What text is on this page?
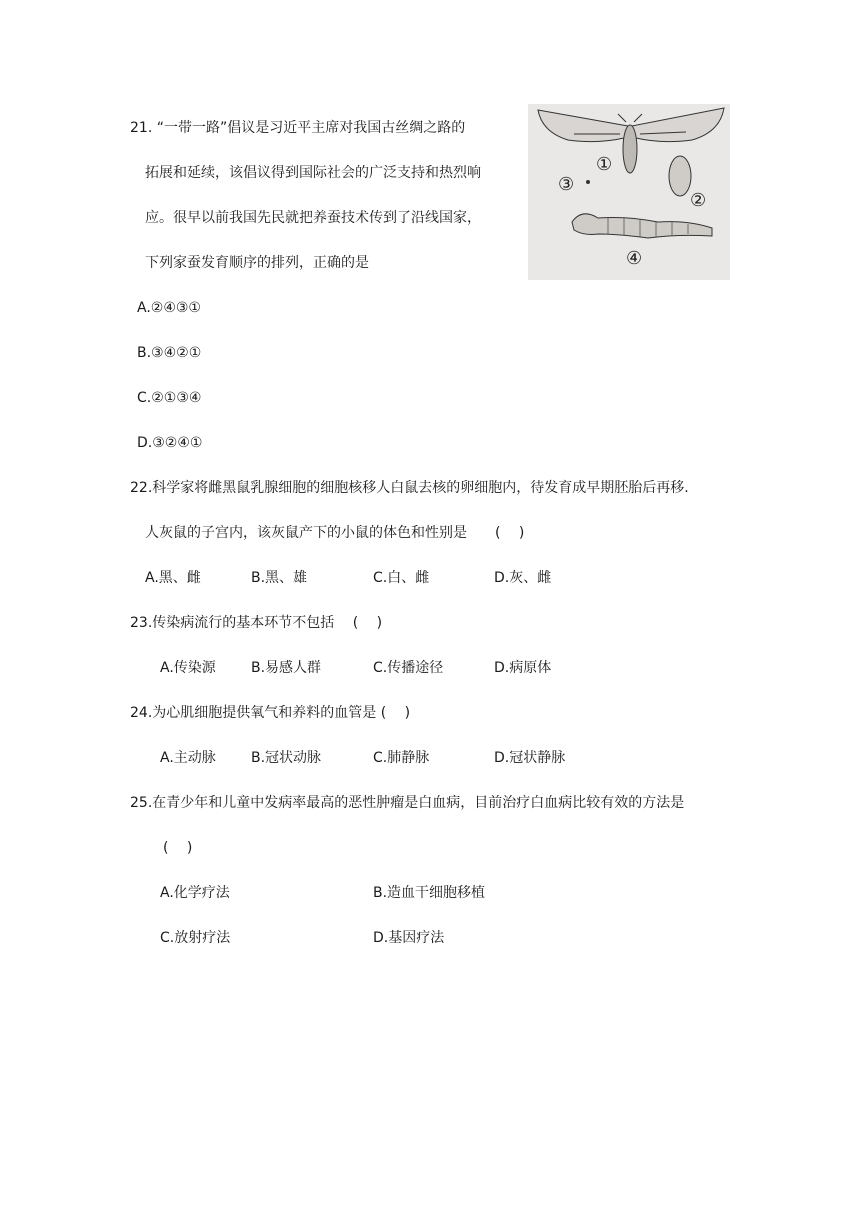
21. “一带一路”倡议是习近平主席对我国古丝绸之路的
拓展和延续，该倡议得到国际社会的广泛支持和热烈响
应。很早以前我国先民就把养蚕技术传到了沿线国家，
下列家蚕发育顺序的排列，正确的是
①
②
③
④
A.②④③①
B.③④②①
C.②①③④
D.③②④①
22.科学家将雌黑鼠乳腺细胞的细胞核移人白鼠去核的卵细胞内，待发育成早期胚胎后再移.
人灰鼠的子宫内，该灰鼠产下的小鼠的体色和性别是　　(　 )
A.黑、雌	B.黑、雄	C.白、雌	D.灰、雌
23.传染病流行的基本环节不包括　 (　 )
A.传染源	B.易感人群	C.传播途径	D.病原体
24.为心肌细胞提供氧气和养料的血管是 (　 )
A.主动脉	B.冠状动脉	C.肺静脉	D.冠状静脉
25.在青少年和儿童中发病率最高的恶性肿瘤是白血病，目前治疗白血病比较有效的方法是
(　 )
A.化学疗法	B.造血干细胞移植
C.放射疗法	D.基因疗法
